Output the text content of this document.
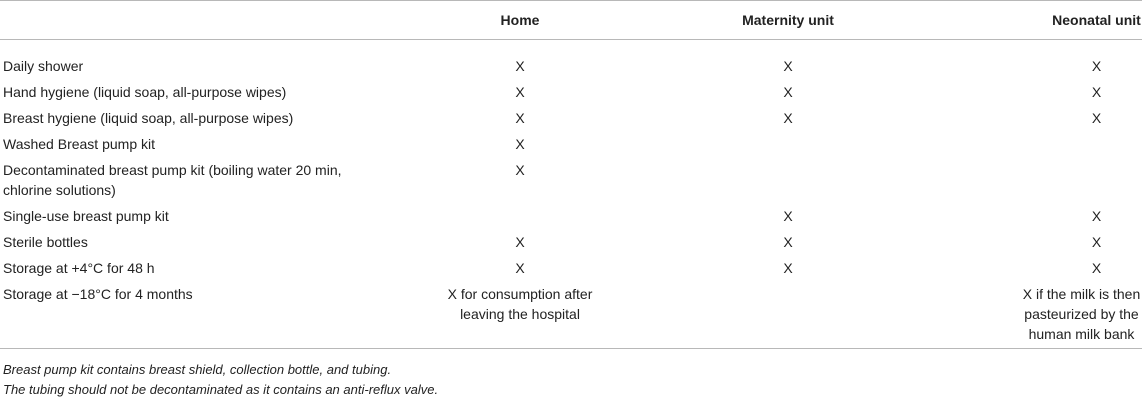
	Home	Maternity unit	Neonatal unit
Daily shower	X	X	X
Hand hygiene (liquid soap, all-purpose wipes)	X	X	X
Breast hygiene (liquid soap, all-purpose wipes)	X	X	X
Washed Breast pump kit	X		
Decontaminated breast pump kit (boiling water 20 min, chlorine solutions)	X		
Single-use breast pump kit		X	X
Sterile bottles	X	X	X
Storage at +4°C for 48 h	X	X	X
Storage at −18°C for 4 months	X for consumption after leaving the hospital		X if the milk is then pasteurized by the human milk bank
Breast pump kit contains breast shield, collection bottle, and tubing.
The tubing should not be decontaminated as it contains an anti-reflux valve.
